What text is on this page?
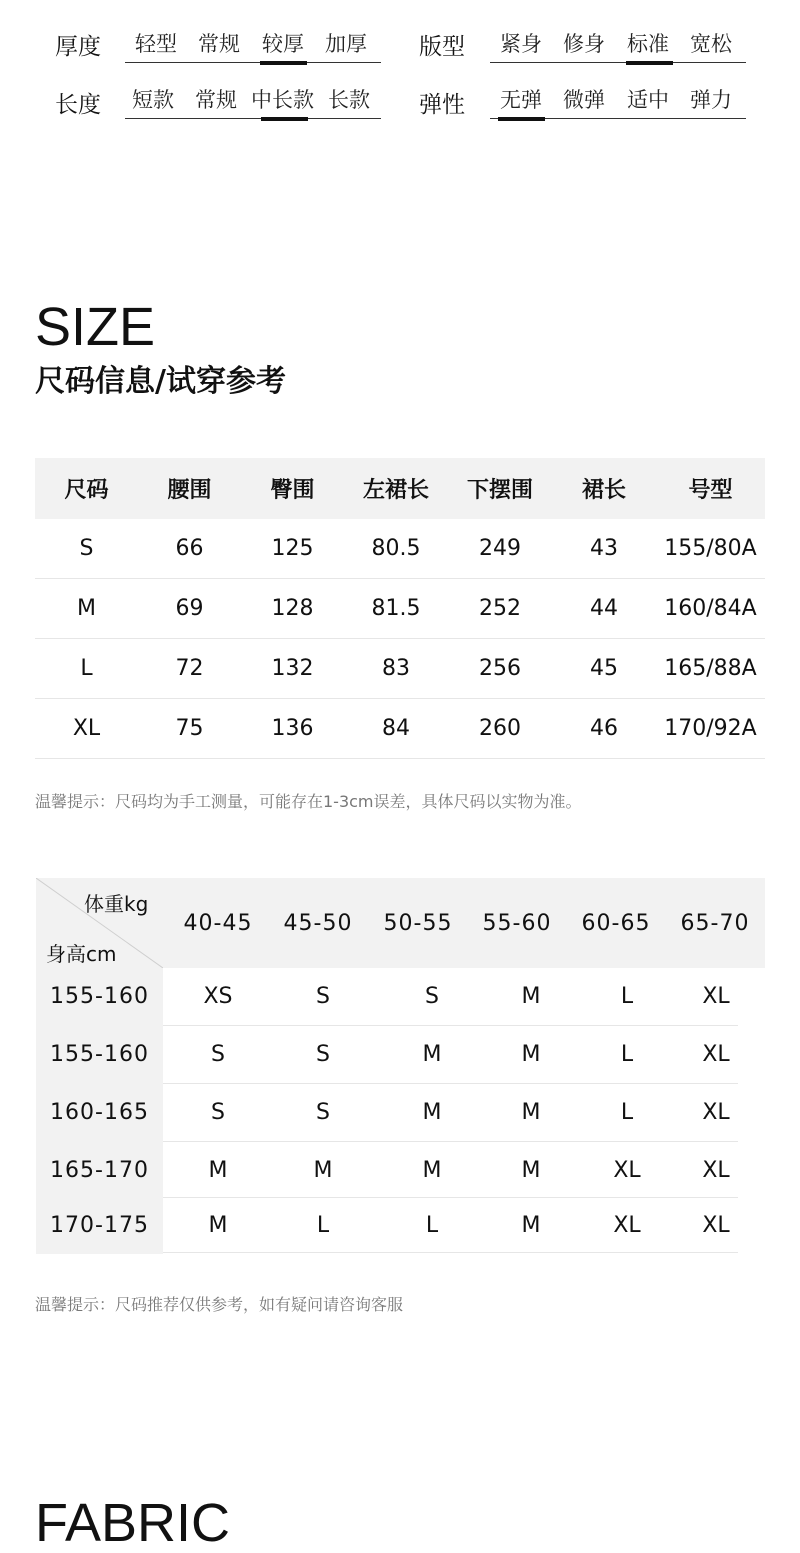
厚度 轻型 常规 较厚 加厚 版型 紧身 修身 标准 宽松
长度 短款 常规 中长款 长款 弹性 无弹 微弹 适中 弹力
SIZE
尺码信息/试穿参考
尺码	腰围	臀围	左裙长	下摆围	裙长	号型
S	66	125	80.5	249	43	155/80A
M	69	128	81.5	252	44	160/84A
L	72	132	83	256	45	165/88A
XL	75	136	84	260	46	170/92A
温馨提示：尺码均为手工测量，可能存在1-3cm误差，具体尺码以实物为准。
体重kg
身高cm
40-45	45-50	50-55	55-60	60-65	65-70
155-160	XS	S	S	M	L	XL
155-160	S	S	M	M	L	XL
160-165	S	S	M	M	L	XL
165-170	M	M	M	M	XL	XL
170-175	M	L	L	M	XL	XL
温馨提示：尺码推荐仅供参考，如有疑问请咨询客服
FABRIC
